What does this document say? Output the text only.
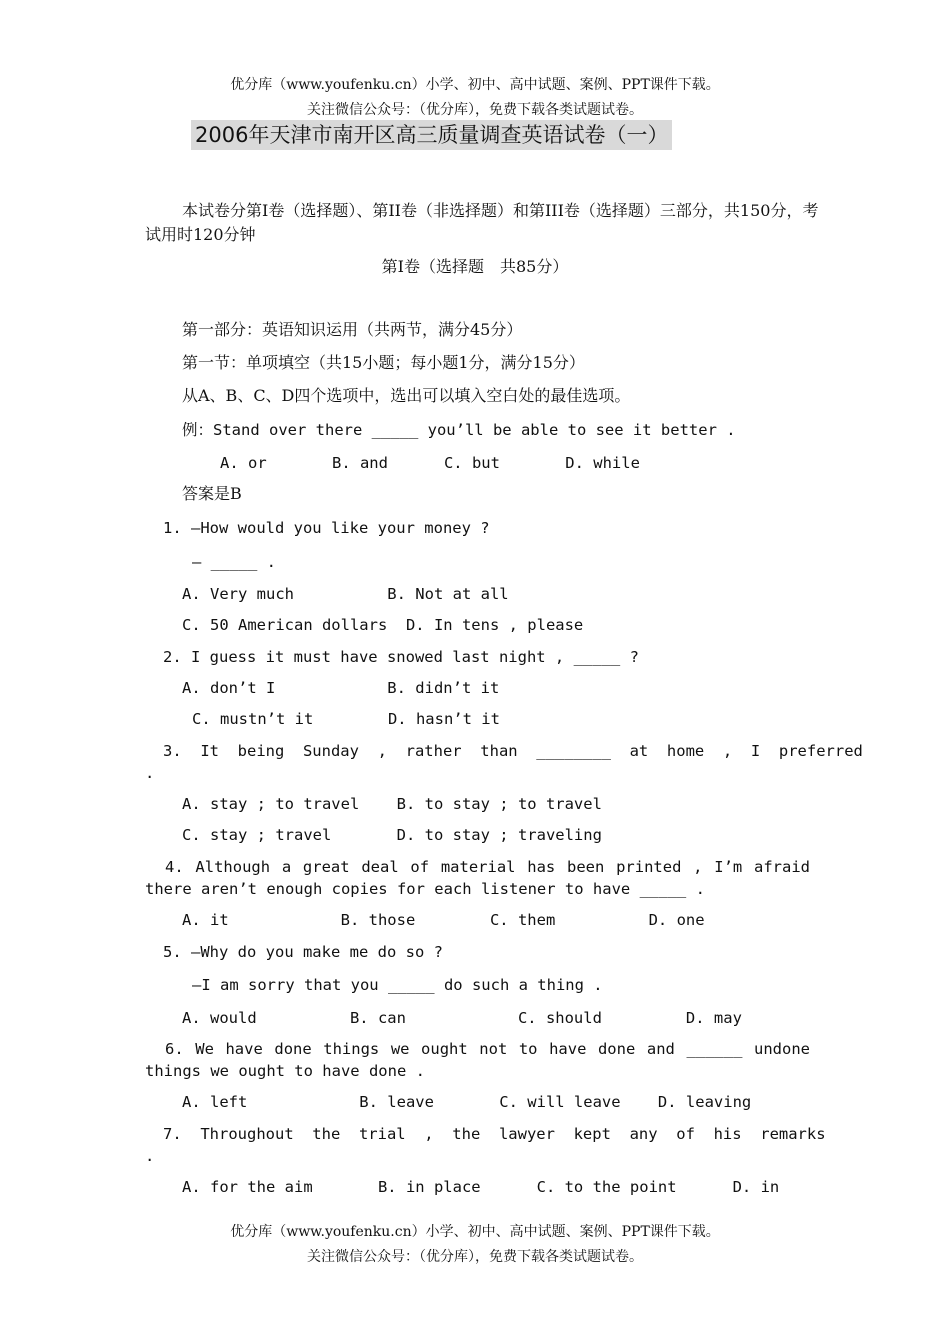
优分库（www.youfenku.cn）小学、初中、高中试题、案例、PPT课件下载。
关注微信公众号：（优分库），免费下载各类试题试卷。
2006年天津市南开区高三质量调查英语试卷（一）
本试卷分第Ⅰ卷（选择题）、第II卷（非选择题）和第III卷（选择题）三部分，共150分，考试用时120分钟
第Ⅰ卷（选择题　共85分）
第一部分：英语知识运用（共两节，满分45分）
第一节：单项填空（共15小题；每小题1分，满分15分）
从A、B、C、D四个选项中，选出可以填入空白处的最佳选项。
例：Stand over there _____ you’ll be able to see it better .
A. or       B. and      C. but       D. while
答案是B
1. —How would you like your money ?
— _____ .
A. Very much          B. Not at all
C. 50 American dollars  D. In tens , please
2. I guess it must have snowed last night , _____ ?
A. don’t I            B. didn’t it
C. mustn’t it        D. hasn’t it
3.  It  being  Sunday  ,  rather  than  ________  at  home  ,  I  preferred
.
A. stay ; to travel    B. to stay ; to travel
C. stay ; travel       D. to stay ; traveling
4. Although a great deal of material has been printed , I’m afraid there aren’t enough copies for each listener to have _____ .
A. it            B. those        C. them          D. one
5. —Why do you make me do so ?
—I am sorry that you _____ do such a thing .
A. would          B. can            C. should         D. may
6. We have done things we ought not to have done and ______ undone things we ought to have done .
A. left            B. leave       C. will leave    D. leaving
7.  Throughout  the  trial  ,  the  lawyer  kept  any  of  his  remarks
.
A. for the aim       B. in place      C. to the point      D. in
优分库（www.youfenku.cn）小学、初中、高中试题、案例、PPT课件下载。
关注微信公众号：（优分库），免费下载各类试题试卷。
